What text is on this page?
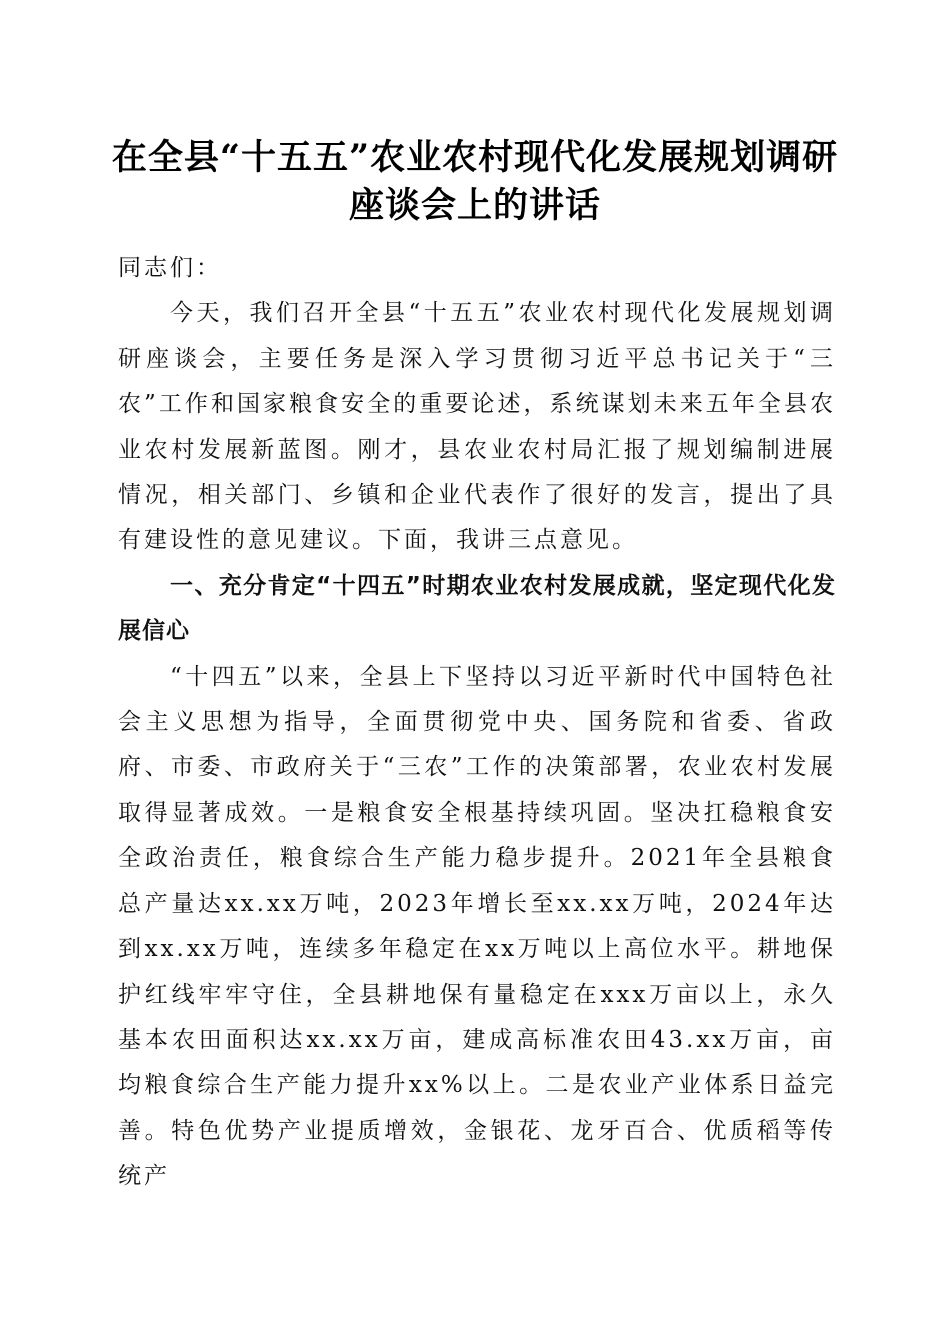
在全县“十五五”农业农村现代化发展规划调研座谈会上的讲话

同志们：

今天，我们召开全县“十五五”农业农村现代化发展规划调研座谈会，主要任务是深入学习贯彻习近平总书记关于“三农”工作和国家粮食安全的重要论述，系统谋划未来五年全县农业农村发展新蓝图。刚才，县农业农村局汇报了规划编制进展情况，相关部门、乡镇和企业代表作了很好的发言，提出了具有建设性的意见建议。下面，我讲三点意见。

一、充分肯定“十四五”时期农业农村发展成就，坚定现代化发展信心

“十四五”以来，全县上下坚持以习近平新时代中国特色社会主义思想为指导，全面贯彻党中央、国务院和省委、省政府、市委、市政府关于“三农”工作的决策部署，农业农村发展取得显著成效。一是粮食安全根基持续巩固。坚决扛稳粮食安全政治责任，粮食综合生产能力稳步提升。2021年全县粮食总产量达xx.xx万吨，2023年增长至xx.xx万吨，2024年达到xx.xx万吨，连续多年稳定在xx万吨以上高位水平。耕地保护红线牢牢守住，全县耕地保有量稳定在xxx万亩以上，永久基本农田面积达xx.xx万亩，建成高标准农田43.xx万亩，亩均粮食综合生产能力提升xx%以上。二是农业产业体系日益完善。特色优势产业提质增效，金银花、龙牙百合、优质稻等传统产
